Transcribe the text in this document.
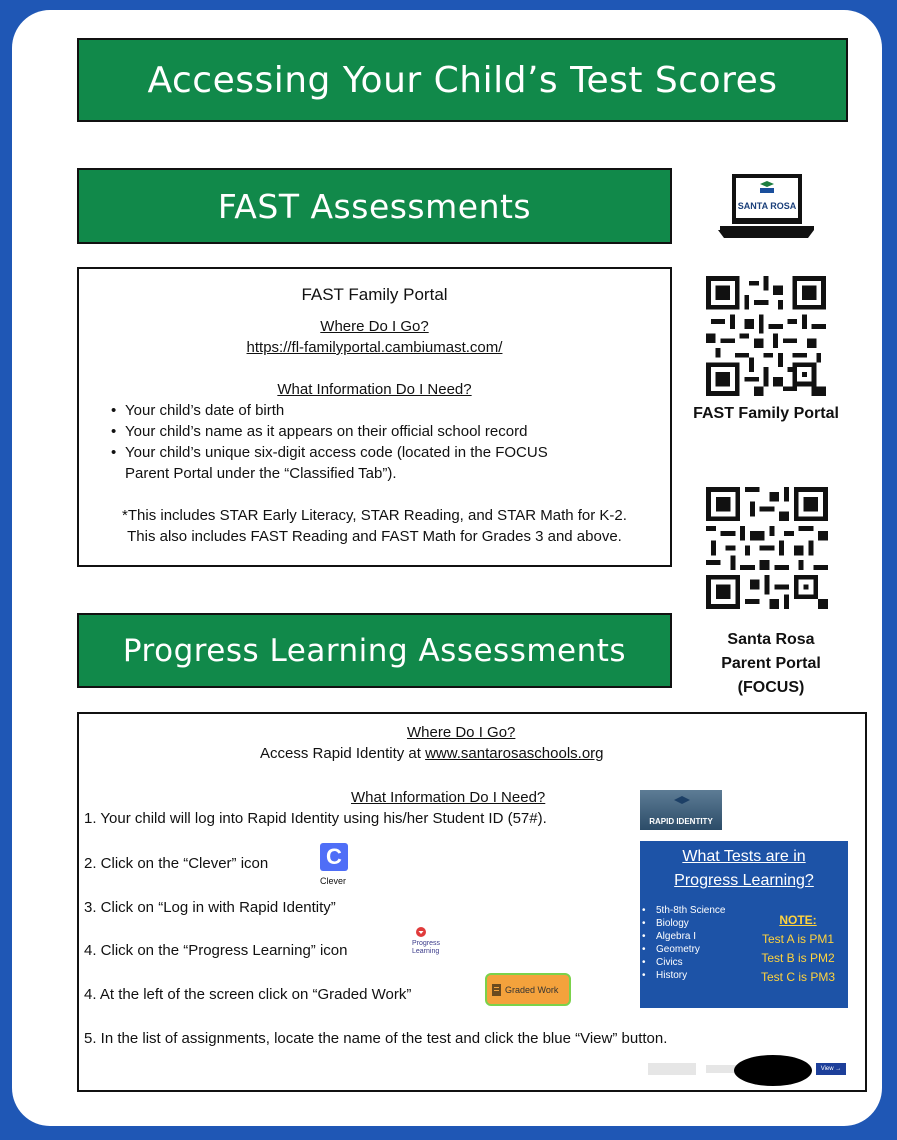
Accessing Your Child’s Test Scores
FAST Assessments	SANTA ROSA
FAST Family Portal
Where Do I Go?
https://fl-familyportal.cambiumast.com/
What Information Do I Need?
• Your child’s date of birth
• Your child’s name as it appears on their official school record
• Your child’s unique six-digit access code (located in the FOCUS
Parent Portal under the “Classified Tab”).
*This includes STAR Early Literacy, STAR Reading, and STAR Math for K-2.
This also includes FAST Reading and FAST Math for Grades 3 and above.
FAST Family Portal
Santa Rosa
Parent Portal
(FOCUS)
Progress Learning Assessments
Where Do I Go?
Access Rapid Identity at www.santarosaschools.org
What Information Do I Need?
1. Your child will log into Rapid Identity using his/her Student ID (57#).
2. Click on the “Clever” icon
3. Click on “Log in with Rapid Identity”
4. Click on the “Progress Learning” icon
4. At the left of the screen click on “Graded Work”
5. In the list of assignments, locate the name of the test and click the blue “View” button.
RAPID IDENTITY
C
Clever
Progress Learning
Graded Work
What Tests are in
Progress Learning?
• 5th-8th Science
• Biology
• Algebra I
• Geometry
• Civics
• History
NOTE:
Test A is PM1
Test B is PM2
Test C is PM3
View →
